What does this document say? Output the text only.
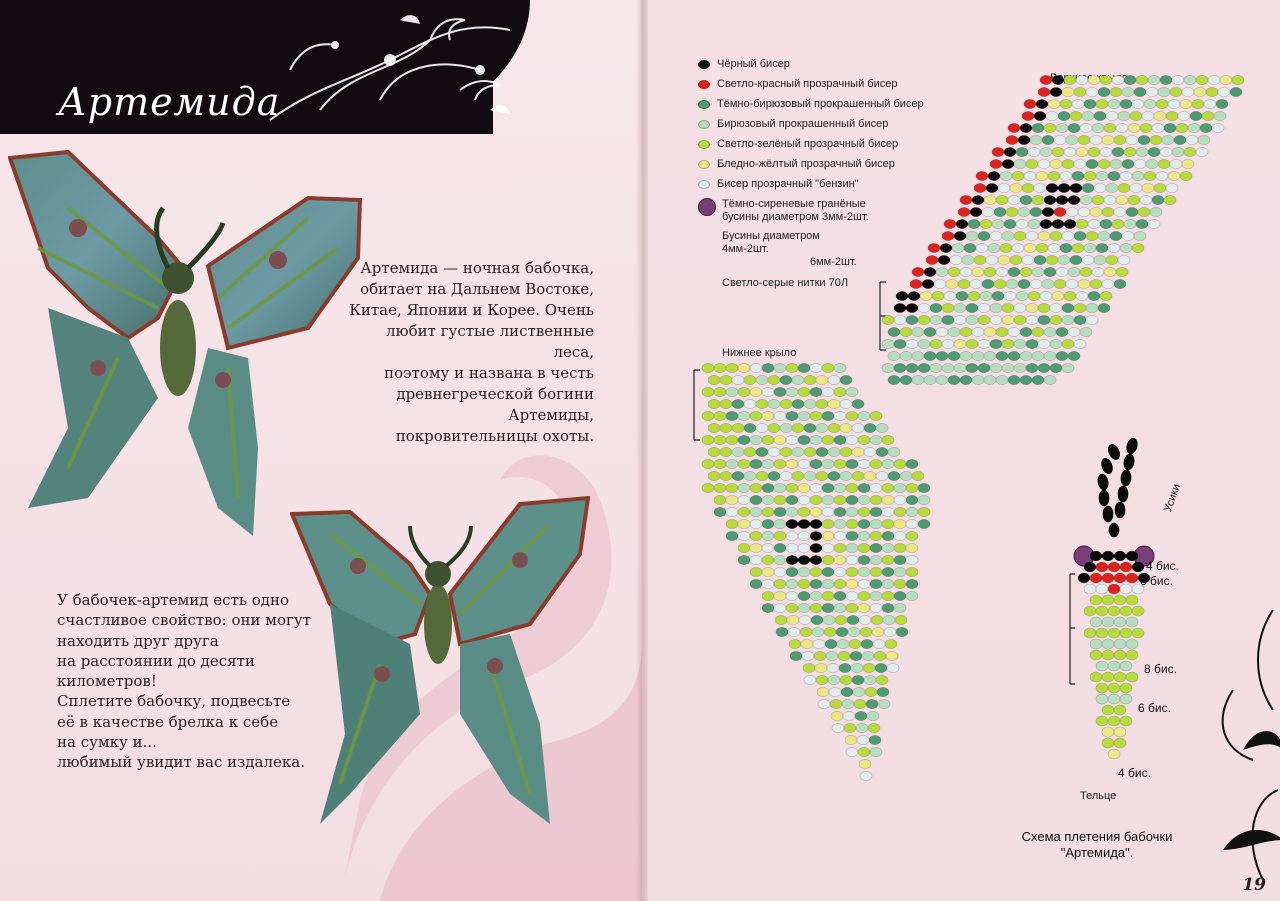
Артемида
Артемида — ночная бабочка,
обитает на Дальнем Востоке,
Китае, Японии и Корее. Очень
любит густые лиственные леса,
поэтому и названа в честь
древнегреческой богини Артемиды,
покровительницы охоты.
У бабочек-артемид есть одно
счастливое свойство: они могут
находить друг друга
на расстоянии до десяти
километров!
Сплетите бабочку, подвесьте
её в качестве брелка к себе
на сумку и...
любимый увидит вас издалека.
Чёрный бисер
Светло-красный прозрачный бисер
Тёмно-бирюзовый прокрашенный бисер
Бирюзовый прокрашенный бисер
Светло-зелёный прозрачный бисер
Бледно-жёлтый прозрачный бисер
Бисер прозрачный "бензин"
Тёмно-сиреневые гранёные
бусины диаметром 3мм-2шт.
Бусины диаметром 4мм-2шт.
6мм-2шт.
Светло-серые нитки 70Л
крыло
Нижнее крыло
Усики
Тельце
4 бис.
6 бис.
8 бис.
6 бис.
4 бис.
Схема плетения бабочки
"Артемида".
19
